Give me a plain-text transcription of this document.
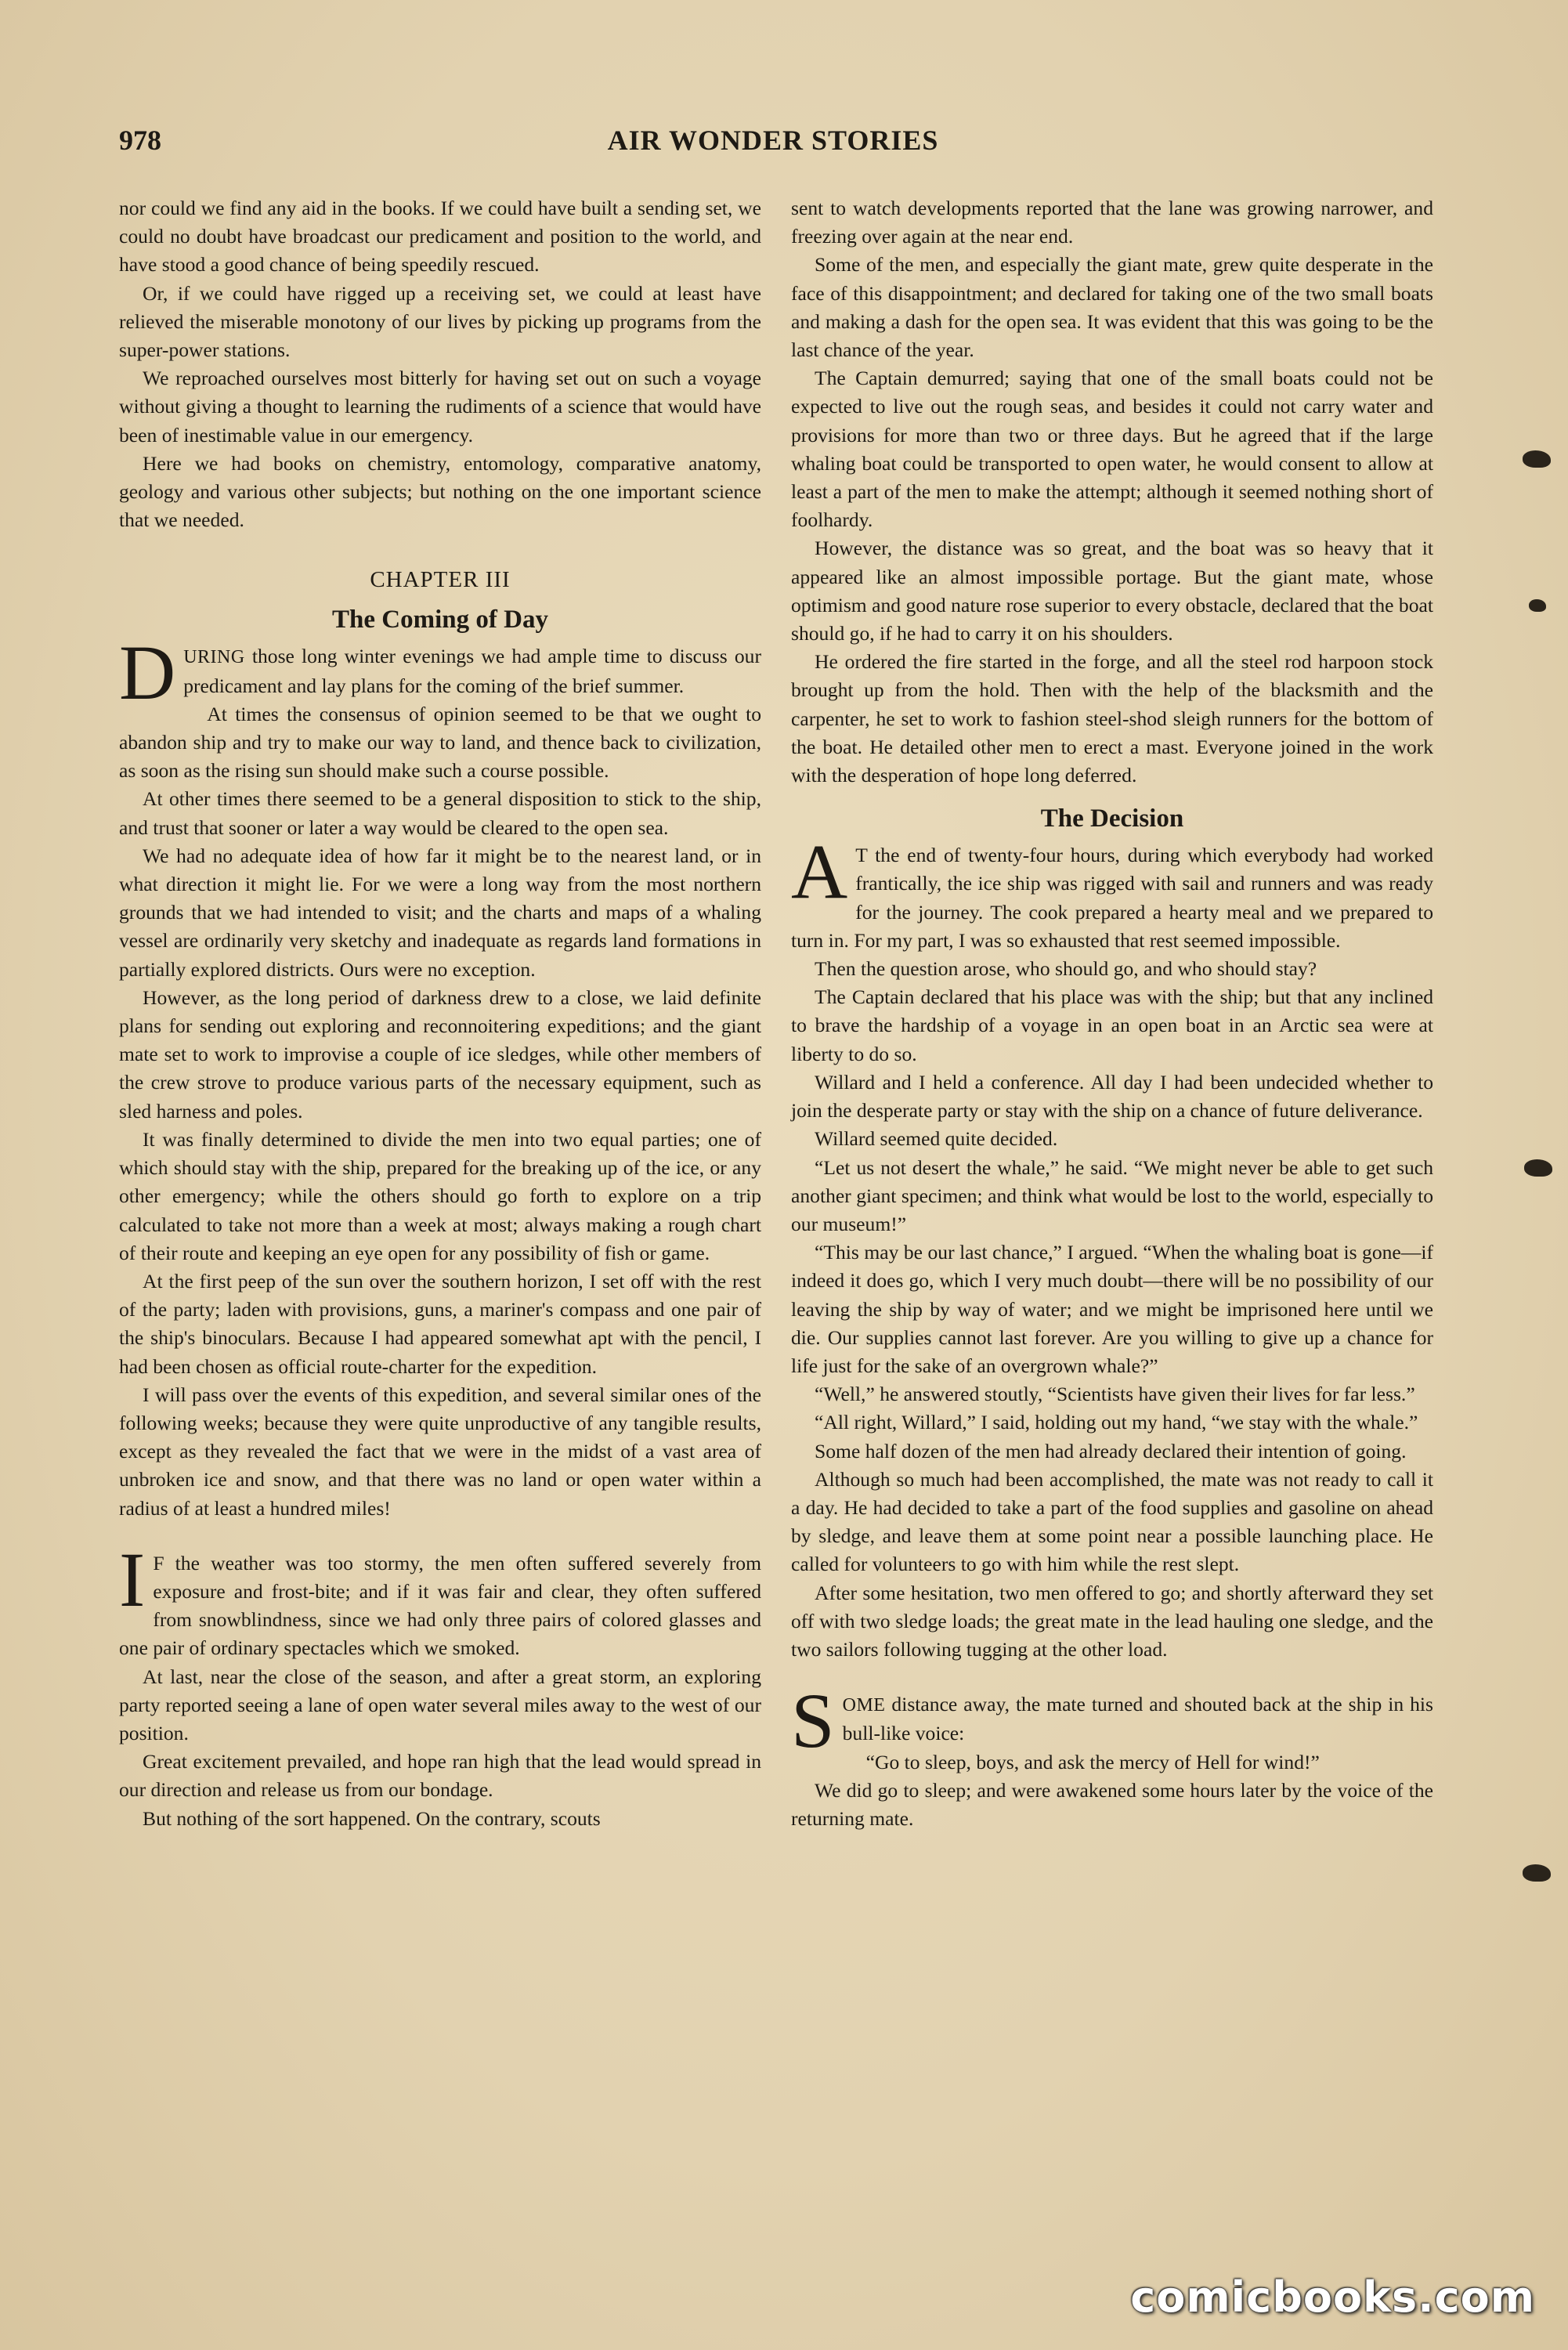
978	AIR WONDER STORIES

nor could we find any aid in the books. If we could have built a sending set, we could no doubt have broadcast our predicament and position to the world, and have stood a good chance of being speedily rescued.

Or, if we could have rigged up a receiving set, we could at least have relieved the miserable monotony of our lives by picking up programs from the super-power stations.

We reproached ourselves most bitterly for having set out on such a voyage without giving a thought to learning the rudiments of a science that would have been of inestimable value in our emergency.

Here we had books on chemistry, entomology, comparative anatomy, geology and various other subjects; but nothing on the one important science that we needed.

CHAPTER III
The Coming of Day

DURING those long winter evenings we had ample time to discuss our predicament and lay plans for the coming of the brief summer.

At times the consensus of opinion seemed to be that we ought to abandon ship and try to make our way to land, and thence back to civilization, as soon as the rising sun should make such a course possible.

At other times there seemed to be a general disposition to stick to the ship, and trust that sooner or later a way would be cleared to the open sea.

We had no adequate idea of how far it might be to the nearest land, or in what direction it might lie. For we were a long way from the most northern grounds that we had intended to visit; and the charts and maps of a whaling vessel are ordinarily very sketchy and inadequate as regards land formations in partially explored districts. Ours were no exception.

However, as the long period of darkness drew to a close, we laid definite plans for sending out exploring and reconnoitering expeditions; and the giant mate set to work to improvise a couple of ice sledges, while other members of the crew strove to produce various parts of the necessary equipment, such as sled harness and poles.

It was finally determined to divide the men into two equal parties; one of which should stay with the ship, prepared for the breaking up of the ice, or any other emergency; while the others should go forth to explore on a trip calculated to take not more than a week at most; always making a rough chart of their route and keeping an eye open for any possibility of fish or game.

At the first peep of the sun over the southern horizon, I set off with the rest of the party; laden with provisions, guns, a mariner's compass and one pair of the ship's binoculars. Because I had appeared somewhat apt with the pencil, I had been chosen as official route-charter for the expedition.

I will pass over the events of this expedition, and several similar ones of the following weeks; because they were quite unproductive of any tangible results, except as they revealed the fact that we were in the midst of a vast area of unbroken ice and snow, and that there was no land or open water within a radius of at least a hundred miles!

I F the weather was too stormy, the men often suffered severely from exposure and frost-bite; and if it was fair and clear, they often suffered from snowblindness, since we had only three pairs of colored glasses and one pair of ordinary spectacles which we smoked.

At last, near the close of the season, and after a great storm, an exploring party reported seeing a lane of open water several miles away to the west of our position.

Great excitement prevailed, and hope ran high that the lead would spread in our direction and release us from our bondage.

But nothing of the sort happened. On the contrary, scouts

sent to watch developments reported that the lane was growing narrower, and freezing over again at the near end.

Some of the men, and especially the giant mate, grew quite desperate in the face of this disappointment; and declared for taking one of the two small boats and making a dash for the open sea. It was evident that this was going to be the last chance of the year.

The Captain demurred; saying that one of the small boats could not be expected to live out the rough seas, and besides it could not carry water and provisions for more than two or three days. But he agreed that if the large whaling boat could be transported to open water, he would consent to allow at least a part of the men to make the attempt; although it seemed nothing short of foolhardy.

However, the distance was so great, and the boat was so heavy that it appeared like an almost impossible portage. But the giant mate, whose optimism and good nature rose superior to every obstacle, declared that the boat should go, if he had to carry it on his shoulders.

He ordered the fire started in the forge, and all the steel rod harpoon stock brought up from the hold. Then with the help of the blacksmith and the carpenter, he set to work to fashion steel-shod sleigh runners for the bottom of the boat. He detailed other men to erect a mast. Everyone joined in the work with the desperation of hope long deferred.

The Decision

A T the end of twenty-four hours, during which everybody had worked frantically, the ice ship was rigged with sail and runners and was ready for the journey. The cook prepared a hearty meal and we prepared to turn in. For my part, I was so exhausted that rest seemed impossible.

Then the question arose, who should go, and who should stay?

The Captain declared that his place was with the ship; but that any inclined to brave the hardship of a voyage in an open boat in an Arctic sea were at liberty to do so.

Willard and I held a conference. All day I had been undecided whether to join the desperate party or stay with the ship on a chance of future deliverance.

Willard seemed quite decided.

“Let us not desert the whale,” he said. “We might never be able to get such another giant specimen; and think what would be lost to the world, especially to our museum!”

“This may be our last chance,” I argued. “When the whaling boat is gone—if indeed it does go, which I very much doubt—there will be no possibility of our leaving the ship by way of water; and we might be imprisoned here until we die. Our supplies cannot last forever. Are you willing to give up a chance for life just for the sake of an overgrown whale?”

“Well,” he answered stoutly, “Scientists have given their lives for far less.”

“All right, Willard,” I said, holding out my hand, “we stay with the whale.”

Some half dozen of the men had already declared their intention of going.

Although so much had been accomplished, the mate was not ready to call it a day. He had decided to take a part of the food supplies and gasoline on ahead by sledge, and leave them at some point near a possible launching place. He called for volunteers to go with him while the rest slept.

After some hesitation, two men offered to go; and shortly afterward they set off with two sledge loads; the great mate in the lead hauling one sledge, and the two sailors following tugging at the other load.

SOME distance away, the mate turned and shouted back at the ship in his bull-like voice:

“Go to sleep, boys, and ask the mercy of Hell for wind!”

We did go to sleep; and were awakened some hours later by the voice of the returning mate.

comicbooks.com
